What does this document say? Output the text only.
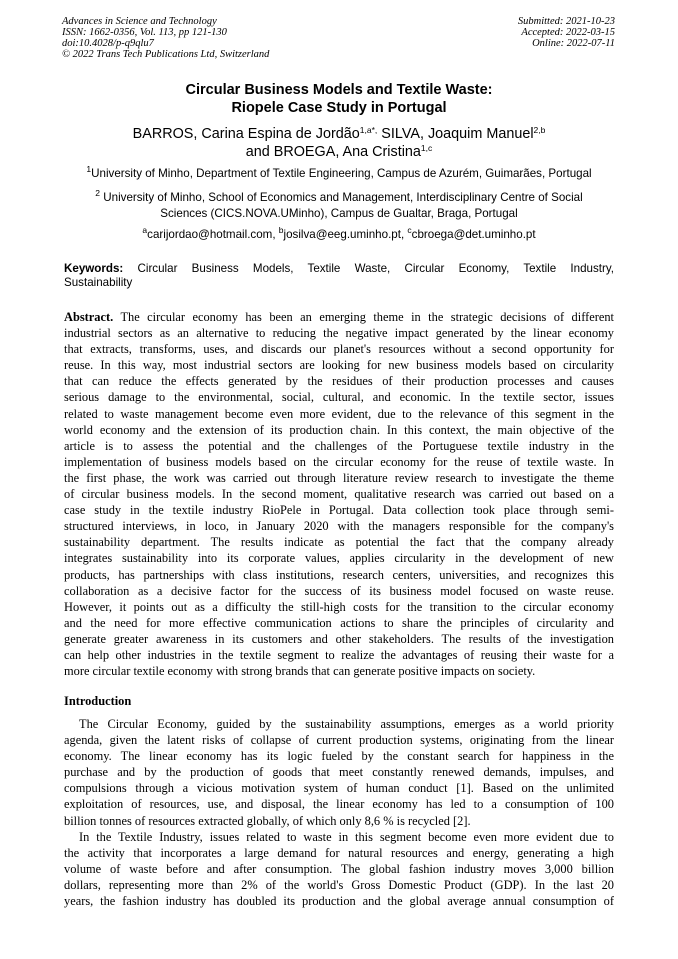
Advances in Science and Technology
ISSN: 1662-0356, Vol. 113, pp 121-130
doi:10.4028/p-q9qlu7
© 2022 Trans Tech Publications Ltd, Switzerland
Submitted: 2021-10-23
Accepted: 2022-03-15
Online: 2022-07-11
Circular Business Models and Textile Waste:
Riopele Case Study in Portugal
BARROS, Carina Espina de Jordão$^{1,a*,}$ SILVA, Joaquim Manuel$^{2,b}$
and BROEGA, Ana Cristina$^{1,c}$
$^1$University of Minho, Department of Textile Engineering, Campus de Azurém, Guimarães, Portugal
$^2$ University of Minho, School of Economics and Management, Interdisciplinary Centre of Social
Sciences (CICS.NOVA.UMinho), Campus de Gualtar, Braga, Portugal
$^a$carijordao@hotmail.com, $^b$josilva@eeg.uminho.pt, $^c$cbroega@det.uminho.pt
Keywords: Circular Business Models, Textile Waste, Circular Economy, Textile Industry,
Sustainability
Abstract. The circular economy has been an emerging theme in the strategic decisions of different
industrial sectors as an alternative to reducing the negative impact generated by the linear economy
that extracts, transforms, uses, and discards our planet's resources without a second opportunity for
reuse. In this way, most industrial sectors are looking for new business models based on circularity
that can reduce the effects generated by the residues of their production processes and causes
serious damage to the environmental, social, cultural, and economic. In the textile sector, issues
related to waste management become even more evident, due to the relevance of this segment in the
world economy and the extension of its production chain. In this context, the main objective of the
article is to assess the potential and the challenges of the Portuguese textile industry in the
implementation of business models based on the circular economy for the reuse of textile waste. In
the first phase, the work was carried out through literature review research to investigate the theme
of circular business models. In the second moment, qualitative research was carried out based on a
case study in the textile industry RioPele in Portugal. Data collection took place through semi-
structured interviews, in loco, in January 2020 with the managers responsible for the company's
sustainability department. The results indicate as potential the fact that the company already
integrates sustainability into its corporate values, applies circularity in the development of new
products, has partnerships with class institutions, research centers, universities, and recognizes this
collaboration as a decisive factor for the success of its business model focused on waste reuse.
However, it points out as a difficulty the still-high costs for the transition to the circular economy
and the need for more effective communication actions to share the principles of circularity and
generate greater awareness in its customers and other stakeholders. The results of the investigation
can help other industries in the textile segment to realize the advantages of reusing their waste for a
more circular textile economy with strong brands that can generate positive impacts on society.
Introduction
The Circular Economy, guided by the sustainability assumptions, emerges as a world priority
agenda, given the latent risks of collapse of current production systems, originating from the linear
economy. The linear economy has its logic fueled by the constant search for happiness in the
purchase and by the production of goods that meet constantly renewed demands, impulses, and
compulsions through a vicious motivation system of human conduct [1]. Based on the unlimited
exploitation of resources, use, and disposal, the linear economy has led to a consumption of 100
billion tonnes of resources extracted globally, of which only 8,6 % is recycled [2].
In the Textile Industry, issues related to waste in this segment become even more evident due to
the activity that incorporates a large demand for natural resources and energy, generating a high
volume of waste before and after consumption. The global fashion industry moves 3,000 billion
dollars, representing more than 2% of the world's Gross Domestic Product (GDP). In the last 20
years, the fashion industry has doubled its production and the global average annual consumption of
